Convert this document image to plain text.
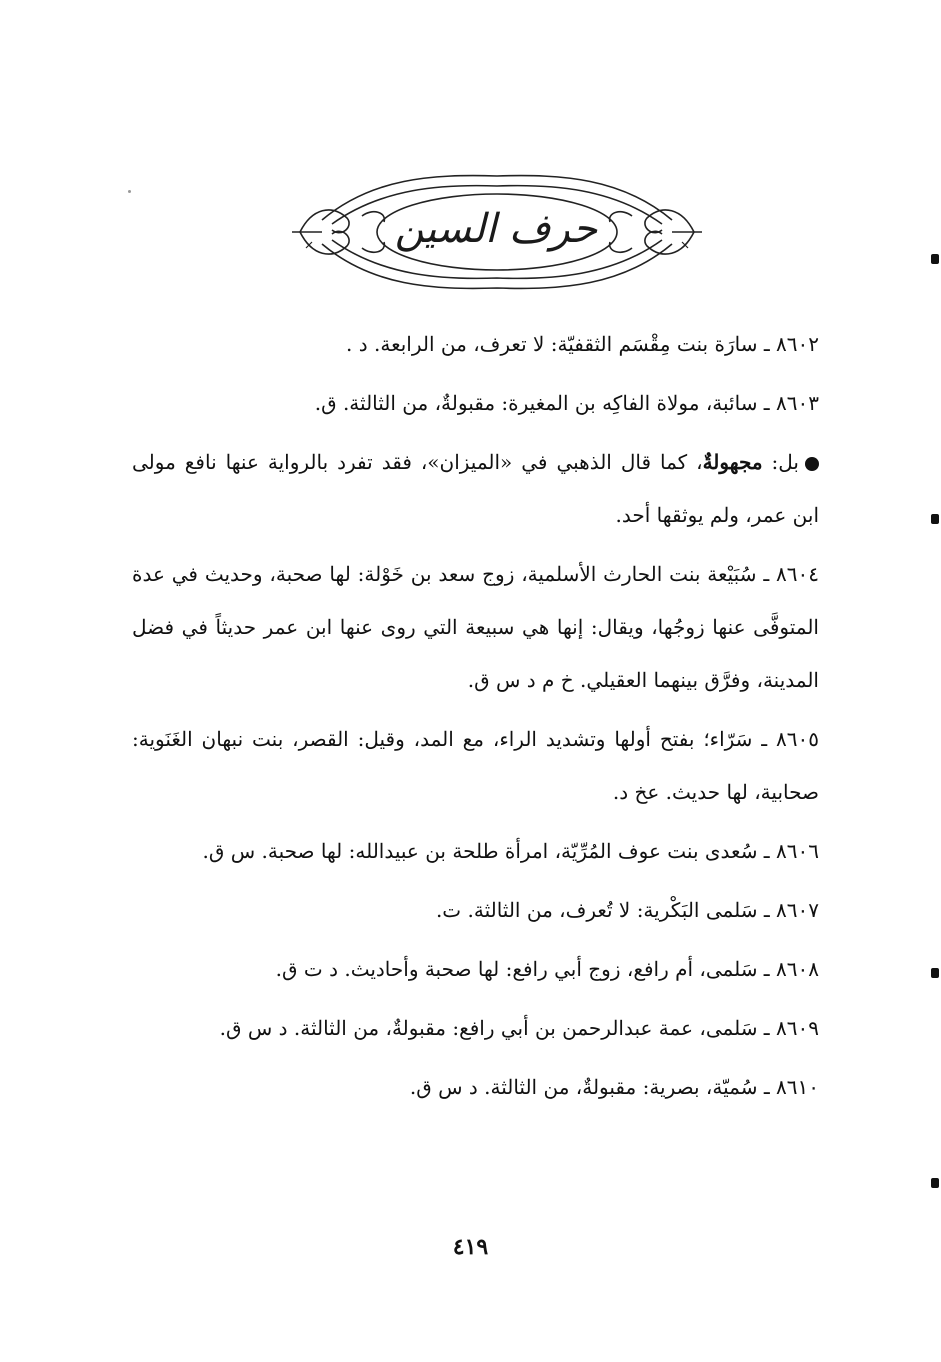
حرف السين
٨٦٠٢ ـ سارَة بنت مِقْسَم الثقفيّة: لا تعرف، من الرابعة. د .
٨٦٠٣ ـ سائبة، مولاة الفاكِه بن المغيرة: مقبولةٌ، من الثالثة. ق.
بل: مجهولةٌ، كما قال الذهبي في «الميزان»، فقد تفرد بالرواية عنها نافع مولى ابن عمر، ولم يوثقها أحد.
٨٦٠٤ ـ سُبَيْعة بنت الحارث الأسلمية، زوج سعد بن خَوْلة: لها صحبة، وحديث في عدة المتوفَّى عنها زوجُها، ويقال: إنها هي سبيعة التي روى عنها ابن عمر حديثاً في فضل المدينة، وفرَّق بينهما العقيلي. خ م د س ق.
٨٦٠٥ ـ سَرّاء؛ بفتح أولها وتشديد الراء، مع المد، وقيل: القصر، بنت نبهان الغَنَوية: صحابية، لها حديث. عخ د.
٨٦٠٦ ـ سُعدى بنت عوف المُرِّيّة، امرأة طلحة بن عبيدالله: لها صحبة. س ق.
٨٦٠٧ ـ سَلمى البَكْرية: لا تُعرف، من الثالثة. ت.
٨٦٠٨ ـ سَلمى، أم رافع، زوج أبي رافع: لها صحبة وأحاديث. د ت ق.
٨٦٠٩ ـ سَلمى، عمة عبدالرحمن بن أبي رافع: مقبولةٌ، من الثالثة. د س ق.
٨٦١٠ ـ سُميّة، بصرية: مقبولةٌ، من الثالثة. د س ق.
٤١٩
